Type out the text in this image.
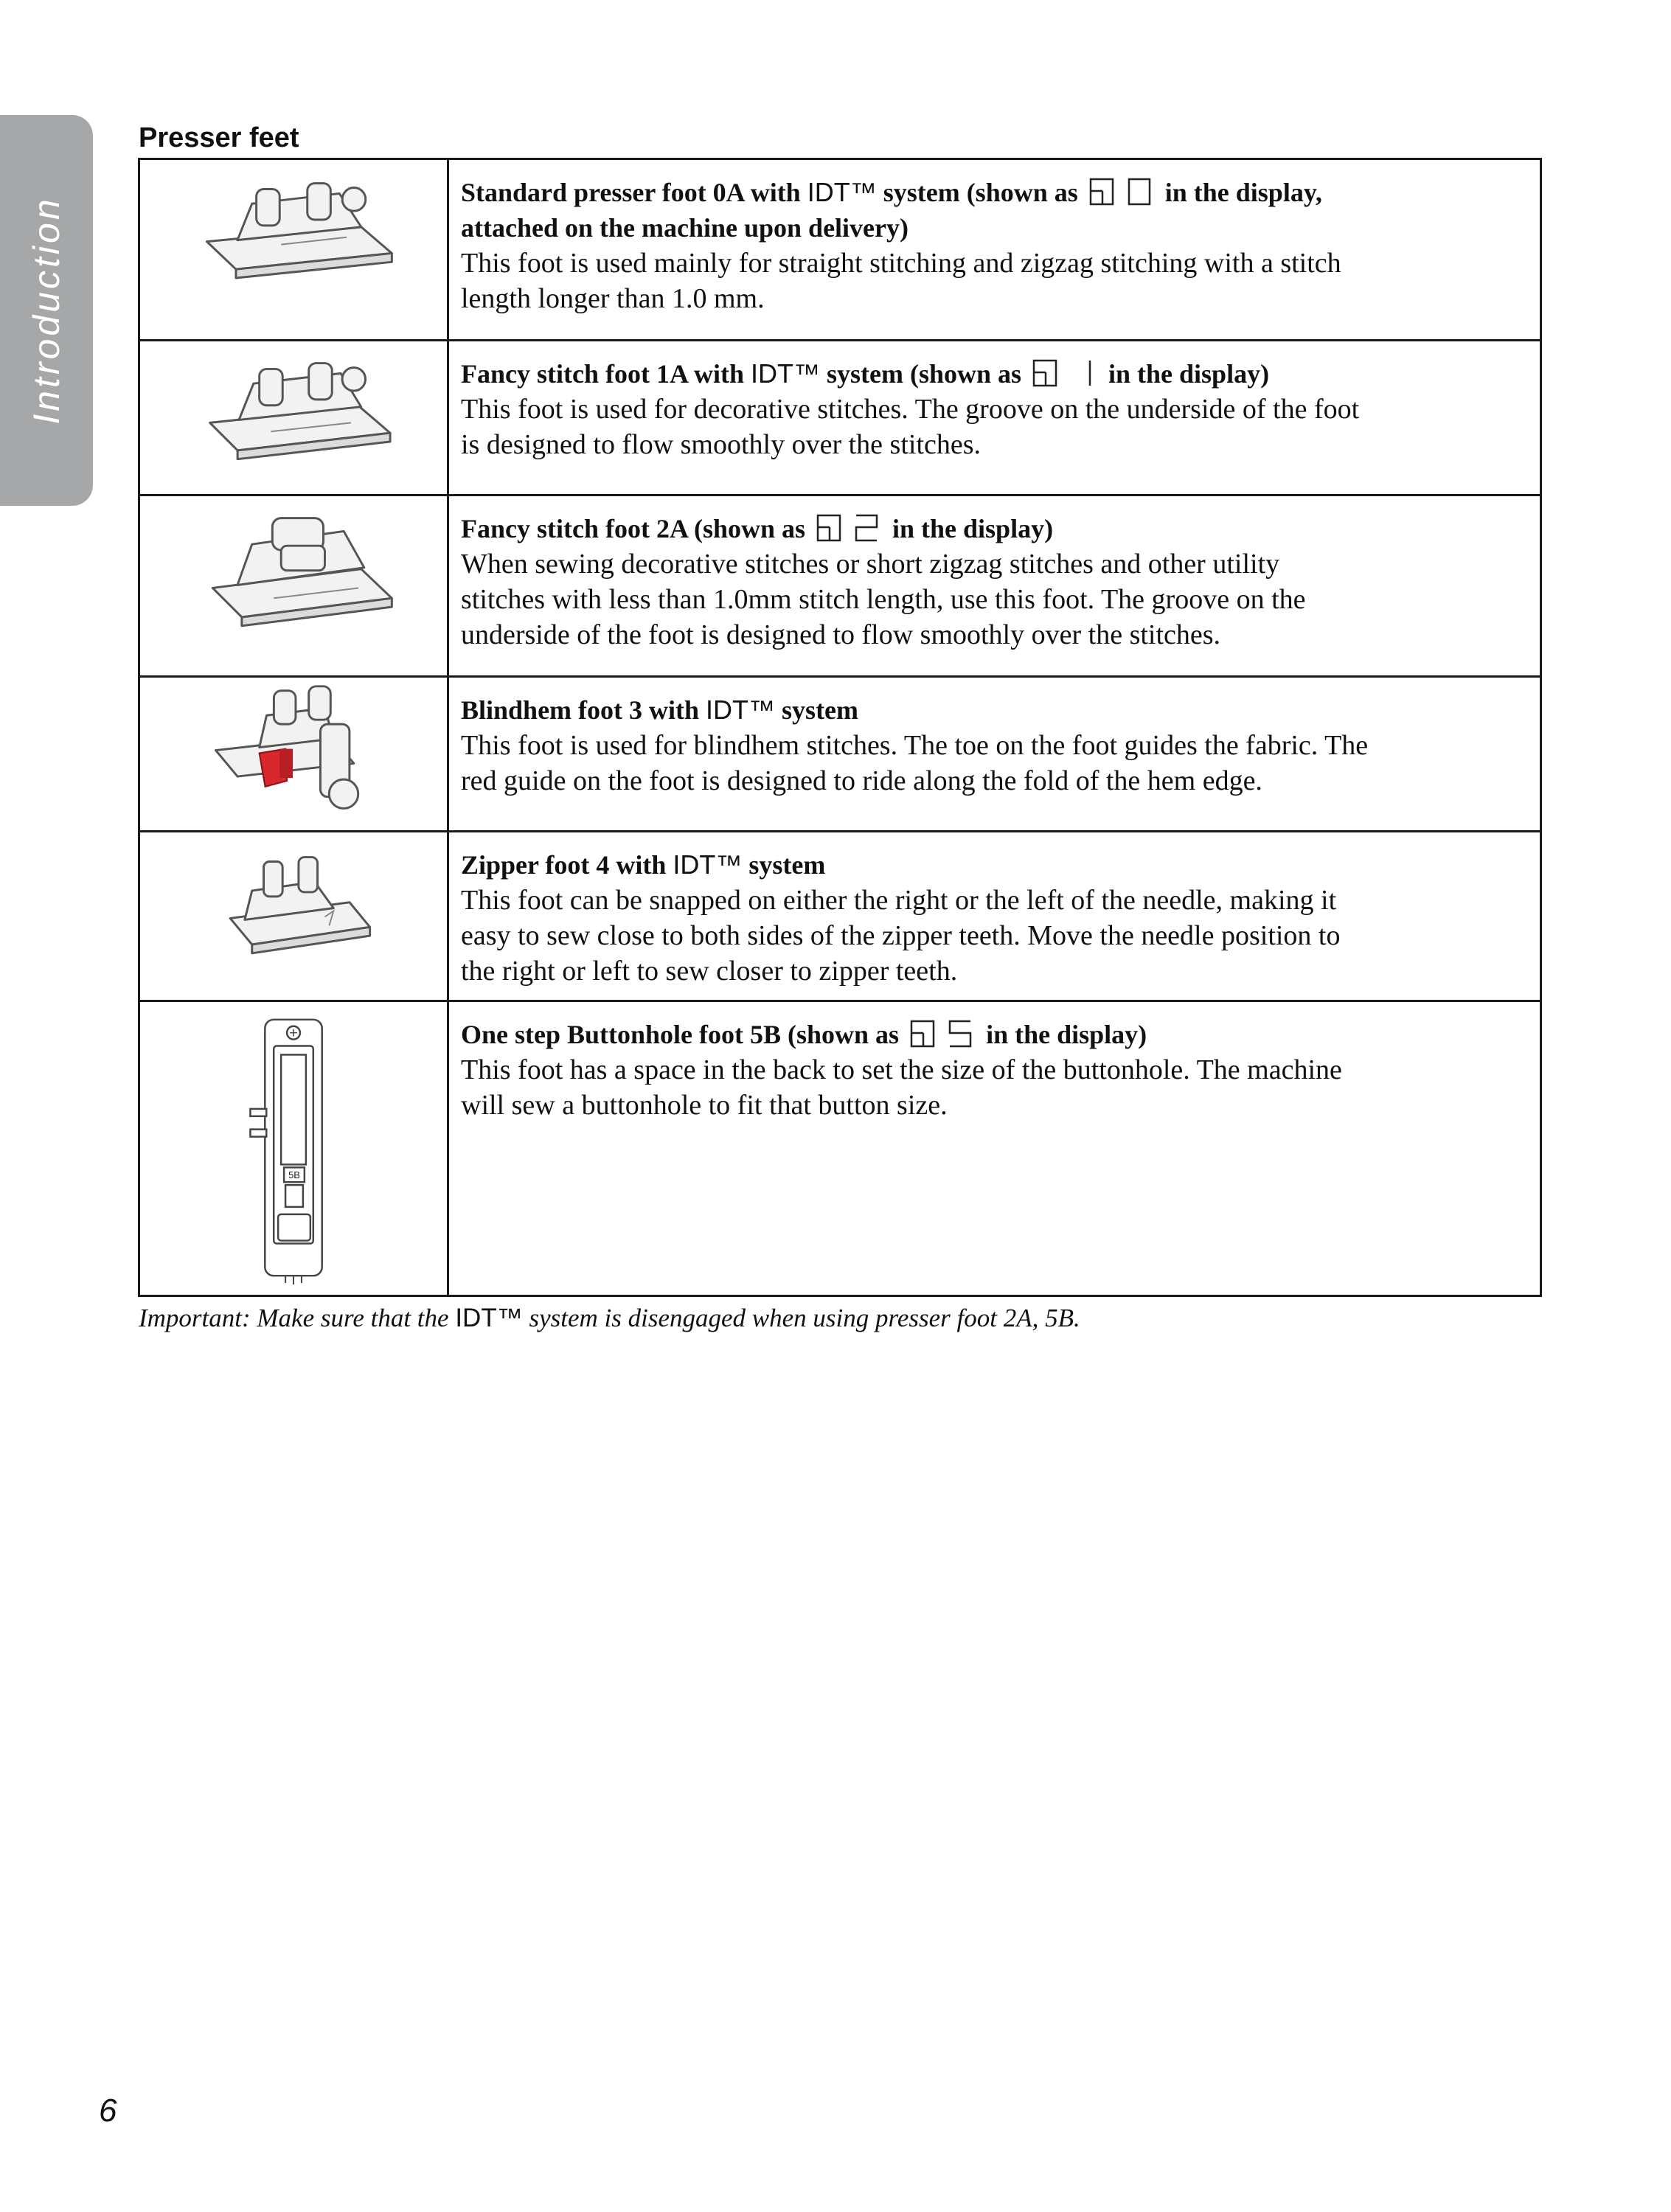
Introduction
Presser feet

Standard presser foot 0A with IDT™ system (shown as in the display,
attached on the machine upon delivery)
This foot is used mainly for straight stitching and zigzag stitching with a stitch
length longer than 1.0 mm.

Fancy stitch foot 1A with IDT™ system (shown as in the display)
This foot is used for decorative stitches. The groove on the underside of the foot
is designed to flow smoothly over the stitches.

Fancy stitch foot 2A (shown as in the display)
When sewing decorative stitches or short zigzag stitches and other utility
stitches with less than 1.0mm stitch length, use this foot. The groove on the
underside of the foot is designed to flow smoothly over the stitches.

Blindhem foot 3 with IDT™ system
This foot is used for blindhem stitches. The toe on the foot guides the fabric. The
red guide on the foot is designed to ride along the fold of the hem edge.

Zipper foot 4 with IDT™ system
This foot can be snapped on either the right or the left of the needle, making it
easy to sew close to both sides of the zipper teeth. Move the needle position to
the right or left to sew closer to zipper teeth.

5B	One step Buttonhole foot 5B (shown as in the display)
This foot has a space in the back to set the size of the buttonhole. The machine
will sew a buttonhole to fit that button size.

Important: Make sure that the IDT™ system is disengaged when using presser foot 2A, 5B.

6
